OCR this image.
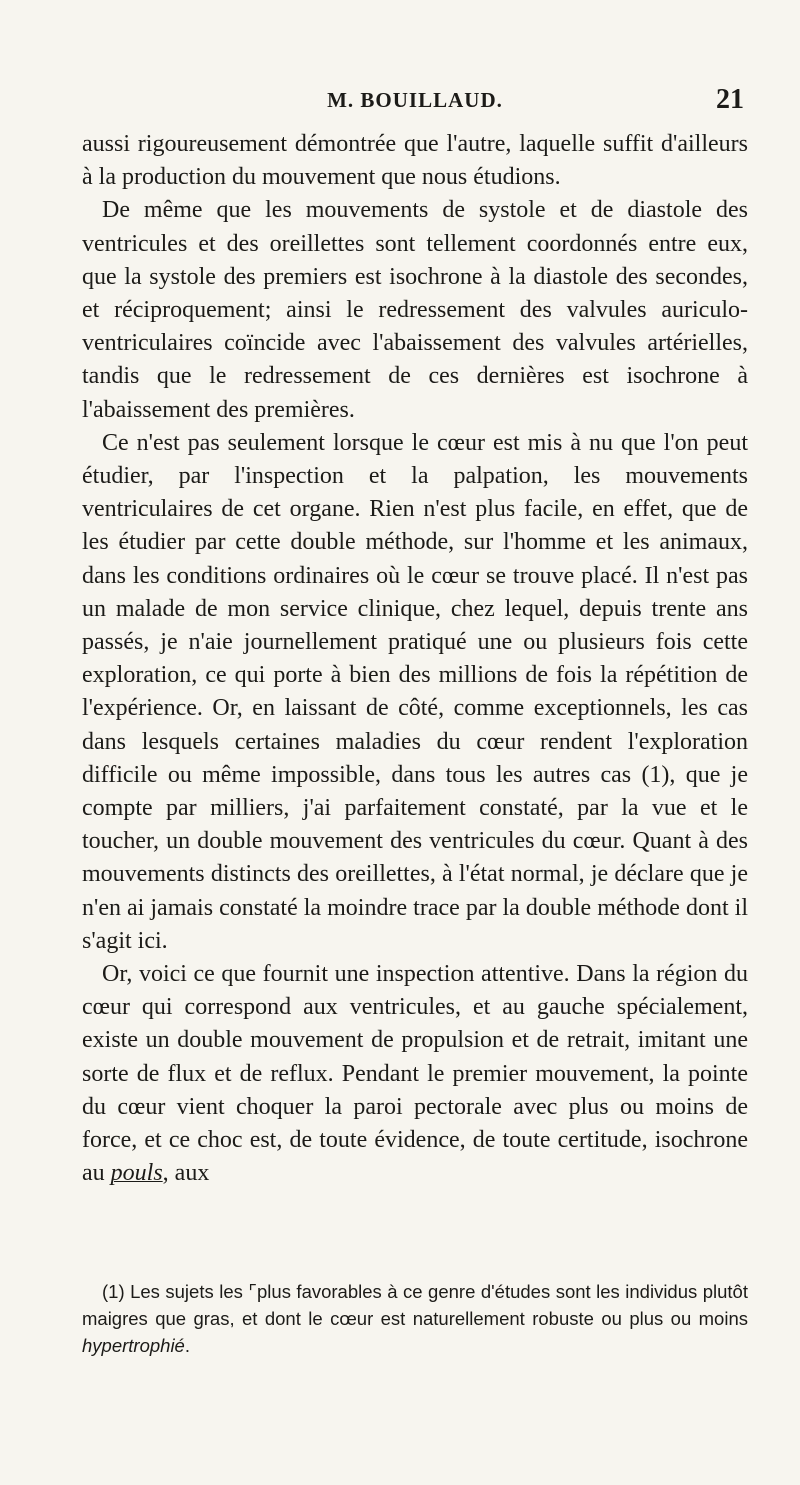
M. BOUILLAUD.	21

aussi rigoureusement démontrée que l'autre, laquelle suffit d'ailleurs à la production du mouvement que nous étudions.

De même que les mouvements de systole et de diastole des ventricules et des oreillettes sont tellement coordonnés entre eux, que la systole des premiers est isochrone à la diastole des secondes, et réciproquement; ainsi le redressement des valvules auriculo-ventriculaires coïncide avec l'abaissement des valvules artérielles, tandis que le redressement de ces dernières est isochrone à l'abaissement des premières.

Ce n'est pas seulement lorsque le cœur est mis à nu que l'on peut étudier, par l'inspection et la palpation, les mouvements ventriculaires de cet organe. Rien n'est plus facile, en effet, que de les étudier par cette double méthode, sur l'homme et les animaux, dans les conditions ordinaires où le cœur se trouve placé. Il n'est pas un malade de mon service clinique, chez lequel, depuis trente ans passés, je n'aie journellement pratiqué une ou plusieurs fois cette exploration, ce qui porte à bien des millions de fois la répétition de l'expérience. Or, en laissant de côté, comme exceptionnels, les cas dans lesquels certaines maladies du cœur rendent l'exploration difficile ou même impossible, dans tous les autres cas (1), que je compte par milliers, j'ai parfaitement constaté, par la vue et le toucher, un double mouvement des ventricules du cœur. Quant à des mouvements distincts des oreillettes, à l'état normal, je déclare que je n'en ai jamais constaté la moindre trace par la double méthode dont il s'agit ici.

Or, voici ce que fournit une inspection attentive. Dans la région du cœur qui correspond aux ventricules, et au gauche spécialement, existe un double mouvement de propulsion et de retrait, imitant une sorte de flux et de reflux. Pendant le premier mouvement, la pointe du cœur vient choquer la paroi pectorale avec plus ou moins de force, et ce choc est, de toute évidence, de toute certitude, isochrone au pouls, aux

(1) Les sujets les ⌜plus favorables à ce genre d'études sont les individus plutôt maigres que gras, et dont le cœur est naturellement robuste ou plus ou moins hypertrophié.
